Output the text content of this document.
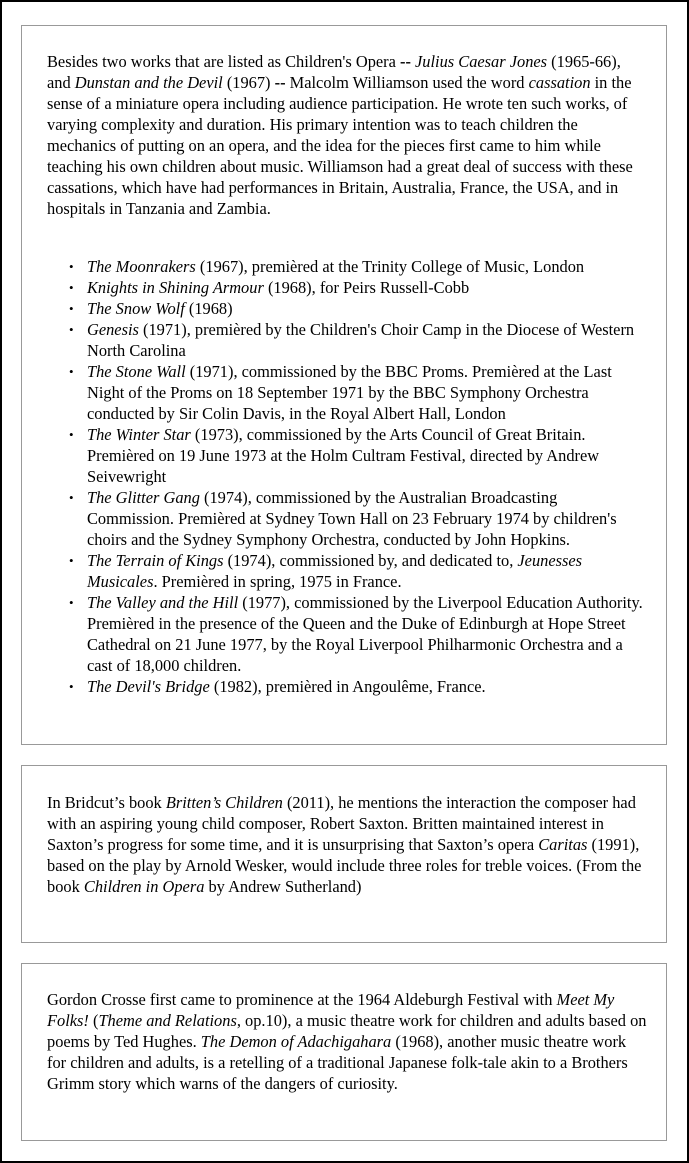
Besides two works that are listed as Children's Opera -- Julius Caesar Jones (1965-66), and Dunstan and the Devil (1967) -- Malcolm Williamson used the word cassation in the sense of a miniature opera including audience participation. He wrote ten such works, of varying complexity and duration. His primary intention was to teach children the mechanics of putting on an opera, and the idea for the pieces first came to him while teaching his own children about music. Williamson had a great deal of success with these cassations, which have had performances in Britain, Australia, France, the USA, and in hospitals in Tanzania and Zambia.

• The Moonrakers (1967), premièred at the Trinity College of Music, London
• Knights in Shining Armour (1968), for Peirs Russell-Cobb
• The Snow Wolf (1968)
• Genesis (1971), premièred by the Children's Choir Camp in the Diocese of Western North Carolina
• The Stone Wall (1971), commissioned by the BBC Proms. Premièred at the Last Night of the Proms on 18 September 1971 by the BBC Symphony Orchestra conducted by Sir Colin Davis, in the Royal Albert Hall, London
• The Winter Star (1973), commissioned by the Arts Council of Great Britain. Premièred on 19 June 1973 at the Holm Cultram Festival, directed by Andrew Seivewright
• The Glitter Gang (1974), commissioned by the Australian Broadcasting Commission. Premièred at Sydney Town Hall on 23 February 1974 by children's choirs and the Sydney Symphony Orchestra, conducted by John Hopkins.
• The Terrain of Kings (1974), commissioned by, and dedicated to, Jeunesses Musicales. Premièred in spring, 1975 in France.
• The Valley and the Hill (1977), commissioned by the Liverpool Education Authority. Premièred in the presence of the Queen and the Duke of Edinburgh at Hope Street Cathedral on 21 June 1977, by the Royal Liverpool Philharmonic Orchestra and a cast of 18,000 children.
• The Devil's Bridge (1982), premièred in Angoulême, France.

In Bridcut’s book Britten’s Children (2011), he mentions the interaction the composer had with an aspiring young child composer, Robert Saxton. Britten maintained interest in Saxton’s progress for some time, and it is unsurprising that Saxton’s opera Caritas (1991), based on the play by Arnold Wesker, would include three roles for treble voices. (From the book Children in Opera by Andrew Sutherland)

Gordon Crosse first came to prominence at the 1964 Aldeburgh Festival with Meet My Folks! (Theme and Relations, op.10), a music theatre work for children and adults based on poems by Ted Hughes. The Demon of Adachigahara (1968), another music theatre work for children and adults, is a retelling of a traditional Japanese folk-tale akin to a Brothers Grimm story which warns of the dangers of curiosity.
